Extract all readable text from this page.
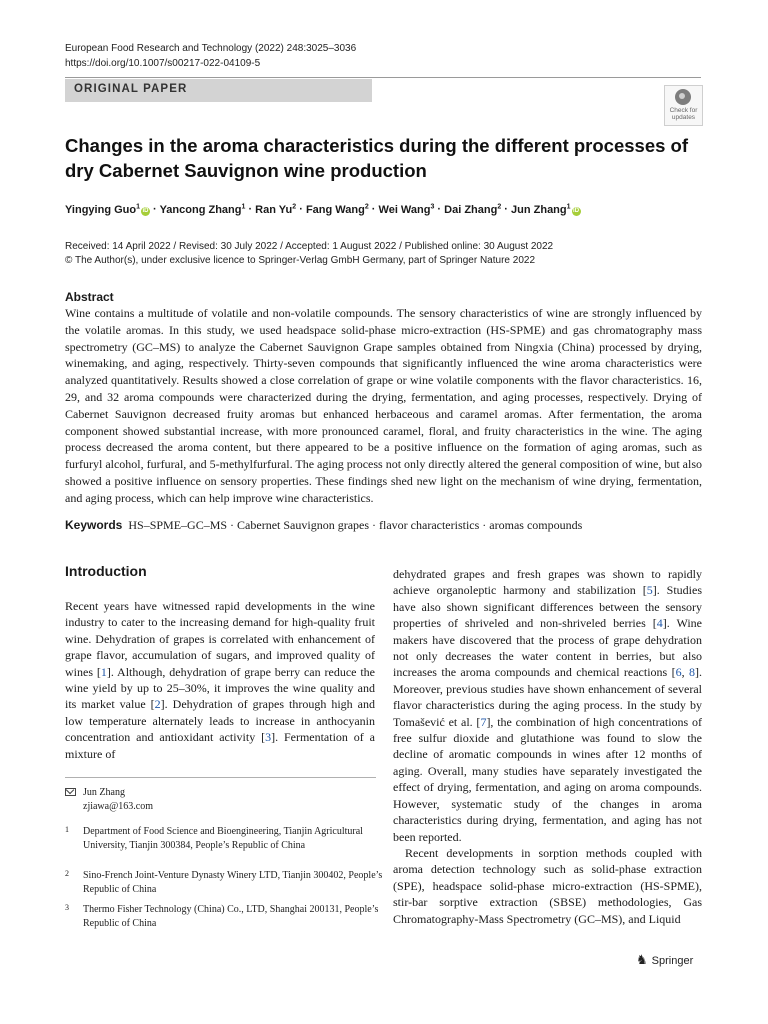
European Food Research and Technology (2022) 248:3025–3036
https://doi.org/10.1007/s00217-022-04109-5
ORIGINAL PAPER
Check for
updates
Changes in the aroma characteristics during the different processes of dry Cabernet Sauvignon wine production
Yingying Guo$^1$iD · Yancong Zhang$^1$ · Ran $Yu^2$ · Fang Wang$^2$ · Wei Wang$^3$ · Dai Zhang$^2$ · Jun Zhang$^1$iD
Received: 14 April 2022 / Revised: 30 July 2022 / Accepted: 1 August 2022 / Published online: 30 August 2022
© The Author(s), under exclusive licence to Springer-Verlag GmbH Germany, part of Springer Nature 2022
Abstract
Wine contains a multitude of volatile and non-volatile compounds. The sensory characteristics of wine are strongly influenced by the volatile aromas. In this study, we used headspace solid-phase micro-extraction (HS-SPME) and gas chromatography mass spectrometry (GC–MS) to analyze the Cabernet Sauvignon Grape samples obtained from Ningxia (China) processed by drying, winemaking, and aging, respectively. Thirty-seven compounds that significantly influenced the wine aroma characteristics were analyzed quantitatively. Results showed a close correlation of grape or wine volatile components with the flavor characteristics. 16, 29, and 32 aroma compounds were characterized during the drying, fermentation, and aging processes, respectively. Drying of Cabernet Sauvignon decreased fruity aromas but enhanced herbaceous and caramel aromas. After fermentation, the aroma component showed substantial increase, with more pronounced caramel, floral, and fruity characteristics in the wine. The aging process decreased the aroma content, but there appeared to be a positive influence on the formation of aging aromas, such as furfuryl alcohol, furfural, and 5-methylfurfural. The aging process not only directly altered the general composition of wine, but also showed a positive influence on sensory properties. These findings shed new light on the mechanism of wine drying, fermentation, and aging process, which can help improve wine characteristics.
Keywords HS–SPME–GC–MS · Cabernet Sauvignon grapes · flavor characteristics · aromas compounds
Introduction

Recent years have witnessed rapid developments in the wine industry to cater to the increasing demand for high-quality fruit wine. Dehydration of grapes is correlated with enhancement of grape flavor, accumulation of sugars, and improved quality of wines [1]. Although, dehydration of grape berry can reduce the wine yield by up to 25–30%, it improves the wine quality and its market value [2]. Dehydration of grapes through high and low temperature alternately leads to increase in anthocyanin concentration and antioxidant activity [3]. Fermentation of a mixture of

dehydrated grapes and fresh grapes was shown to rapidly achieve organoleptic harmony and stabilization [5]. Studies have also shown significant differences between the sensory properties of shriveled and non-shriveled berries [4]. Wine makers have discovered that the process of grape dehydration not only decreases the water content in berries, but also increases the aroma compounds and chemical reactions [6, 8]. Moreover, previous studies have shown enhancement of several flavor characteristics during the aging process. In the study by Tomašević et al. [7], the combination of high concentrations of free sulfur dioxide and glutathione was found to slow the decline of aromatic compounds in wines after 12 months of aging. Overall, many studies have separately investigated the effect of drying, fermentation, and aging on aroma compounds. However, systematic study of the changes in aroma characteristics during drying, fermentation, and aging has not been reported.

Recent developments in sorption methods coupled with aroma detection technology such as solid-phase extraction (SPE), headspace solid-phase micro-extraction (HS-SPME), stir-bar sorptive extraction (SBSE) methodologies, Gas Chromatography-Mass Spectrometry (GC–MS), and Liquid

Jun Zhang
zjiawa@163.com
1 Department of Food Science and Bioengineering, Tianjin Agricultural University, Tianjin 300384, People’s Republic of China
2 Sino-French Joint-Venture Dynasty Winery LTD, Tianjin 300402, People’s Republic of China
3 Thermo Fisher Technology (China) Co., LTD, Shanghai 200131, People’s Republic of China
♞ Springer
